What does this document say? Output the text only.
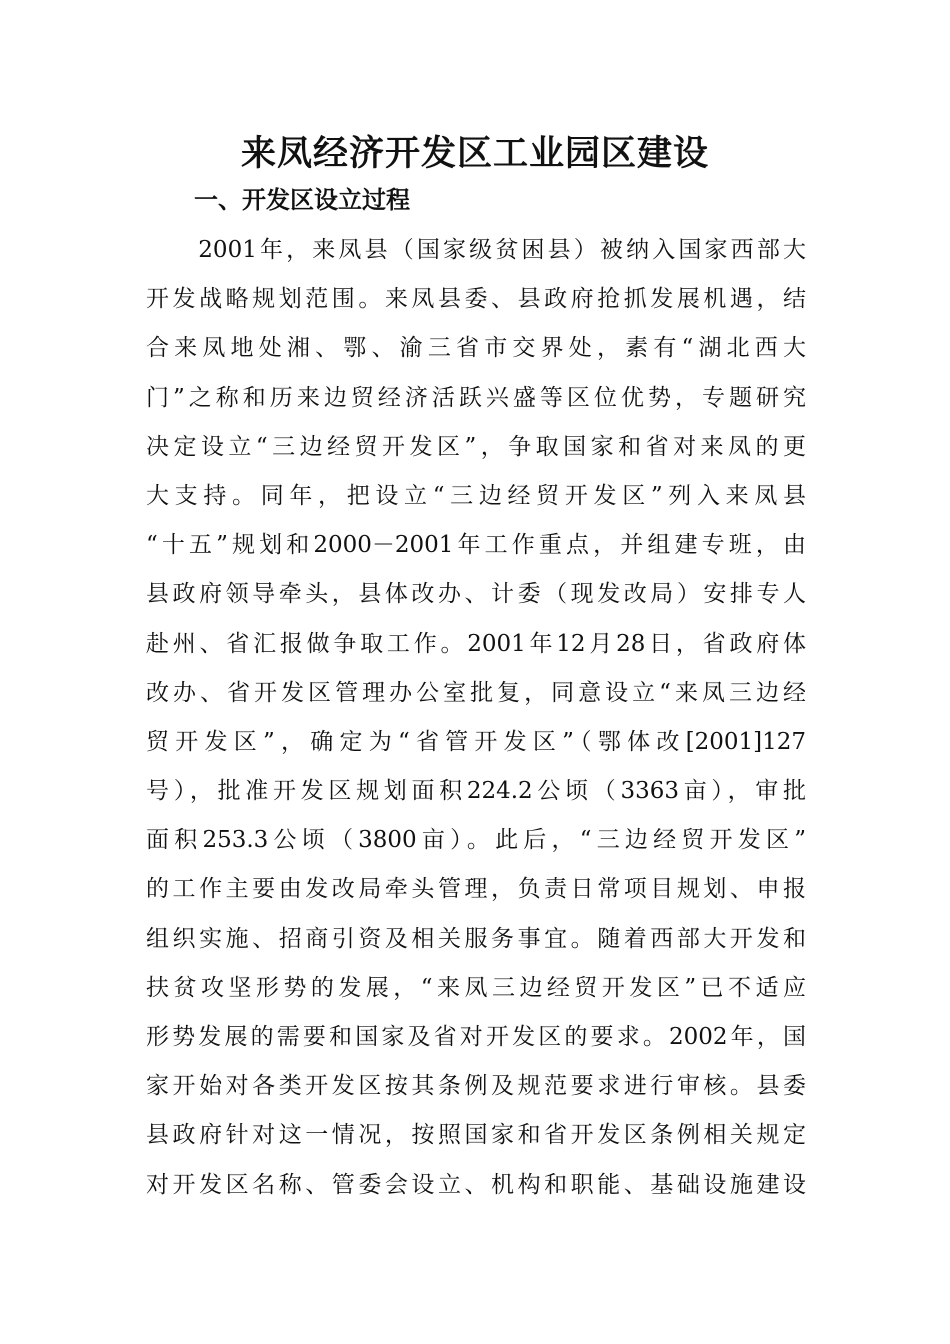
来凤经济开发区工业园区建设
一、开发区设立过程
　　2001年，来凤县（国家级贫困县）被纳入国家西部大
开发战略规划范围。来凤县委、县政府抢抓发展机遇，结
合来凤地处湘、鄂、渝三省市交界处，素有“湖北西大
门”之称和历来边贸经济活跃兴盛等区位优势，专题研究
决定设立“三边经贸开发区”，争取国家和省对来凤的更
大支持。同年，把设立“三边经贸开发区”列入来凤县
“十五”规划和2000－2001年工作重点，并组建专班，由
县政府领导牵头，县体改办、计委（现发改局）安排专人
赴州、省汇报做争取工作。2001年12月28日，省政府体
改办、省开发区管理办公室批复，同意设立“来凤三边经
贸开发区”，确定为“省管开发区”（鄂体改[2001]127
号），批准开发区规划面积224.2公顷（3363亩），审批
面积253.3公顷（3800亩）。此后，“三边经贸开发区”
的工作主要由发改局牵头管理，负责日常项目规划、申报
组织实施、招商引资及相关服务事宜。随着西部大开发和
扶贫攻坚形势的发展，“来凤三边经贸开发区”已不适应
形势发展的需要和国家及省对开发区的要求。2002年，国
家开始对各类开发区按其条例及规范要求进行审核。县委
县政府针对这一情况，按照国家和省开发区条例相关规定
对开发区名称、管委会设立、机构和职能、基础设施建设
